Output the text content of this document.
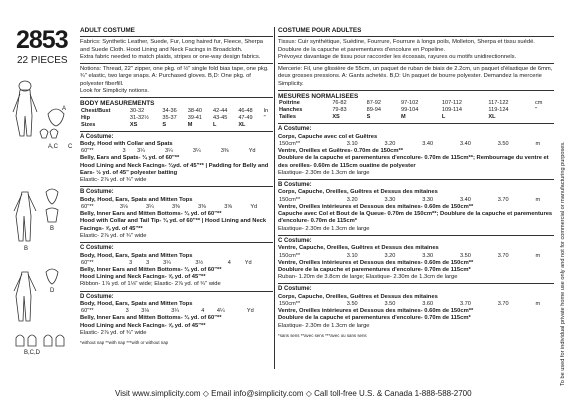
2853
22 PIECES
A
C
A,C
B
B
D
B,C,D
ADULT COSTUME
Fabrics: Synthetic Leather, Suede, Fur, Long haired fur, Fleece, Sherpa and Suede Cloth. Hood Lining and Neck Facings in Broadcloth.
Extra fabric needed to match plaids, stripes or one-way design fabrics.
Notions: Thread, 22" zipper, one pkg. of ½" single fold bias tape, one pkg. ¾" elastic, two large snaps. A: Purchased gloves. B,D: One pkg. of polyester fiberfill.
Look for Simplicity notions.
BODY MEASUREMENTS
Chest/Bust	30-32	34-36	38-40	42-44	46-48	In
Hip	31-32½	35-37	39-41	43-45	47-49	"
Sizes	XS	S	M	L	XL	
A Costume:
Body, Hood with Collar and Spats
60"**	3	3¼	3¼	3¼	3⅜	Yd
Belly, Ears and Spats- ¾ yd. of 60"**
Hood Lining and Neck Facings- ¾yd. of 45"** | Padding for Belly and Ears- ½ yd. of 45" polyester batting
Elastic- 2⅞ yd. of ¾" wide
B Costume:
Body, Hood, Ears, Spats and Mitten Tops
60"**	3⅛	3¼	3⅜	3⅜	3⅝	Yd
Belly, Inner Ears and Mitten Bottoms- ¾ yd. of 60"**
Hood with Collar and Tail Tip- ¾ yd. of 60"** | Hood Lining and Neck Facings- ⅝ yd. of 45"**
Elastic- 2⅞ yd. of ¾" wide
C Costume:
Body, Hood, Ears, Spats and Mitten Tops
60"**	3	3	3¼	3½	4	Yd
Belly, Inner Ears and Mitten Bottoms- ¾ yd. of 60"**
Hood Lining and Neck Facings- ⅝ yd. of 45"**
Ribbon- 1⅞ yd. of 1⅛" wide; Elastic- 2⅞ yd. of ¾" wide
D Costume:
Body, Hood, Ears, Spats and Mitten Tops
60"**	3	3⅛	3¼	4	4¼	Yd
Belly, Inner Ears and Mitten Bottoms- ¾ yd. of 60"**
Hood Lining and Neck Facings- ⅝ yd. of 45"**
Elastic- 2⅞ yd. of ¾" wide
*without nap **with nap ***with or without nap
COSTUME POUR ADULTES
Tissus: Cuir synthétique, Suédine, Fourrure, Fourrure à longs poils, Molleton, Sherpa et tissu suédé. Doublure de la capuche et parementures d'encolure en Popeline.
Prévoyez davantage de tissu pour raccorder les écossais, rayures ou motifs unidirectionnels.
Mercerie: Fil, une glissière de 55cm, un paquet de ruban de biais de 2.2cm, un paquet d'élastique de 6mm, deux grosses pressions. A: Gants achetés. B,D: Un paquet de bourre polyester. Demandez la mercerie Simplicity.
MESURES NORMALISEES
Poitrine	76-82	87-92	97-102	107-112	117-122	cm
Hanches	79-83	89-94	99-104	109-114	119-124	"
Tailles	XS	S	M	L	XL	
A Costume:
Corps, Capuche avec col et Guêtres
150cm**	3.10	3.20	3.40	3.40	3.50	m
Ventre, Oreilles et Guêtres- 0.70m de 150cm**
Doublure de la capuche et parementures d'encolure- 0.70m de 115cm**; Rembourrage du ventre et des oreilles- 0.60m de 115cm ouatine de polyester
Elastique- 2.30m de 1.3cm de large
B Costume:
Corps, Capuche, Oreilles, Guêtres et Dessus des mitaines
150cm**	3.20	3.30	3.30	3.40	3.70	m
Ventre, Oreilles intérieures et Dessous des mitaines- 0.60m de 150cm**
Capuche avec Col et Bout de la Queue- 0.70m de 150cm**; Doublure de la capuche et parementures d'encolure- 0.70m de 115cm*
Elastique- 2.30m de 1.3cm de large
C Costume:
Ventre, Capuche, Oreilles, Guêtres et Dessus des mitaines
150cm**	3.10	3.20	3.30	3.50	3.70	m
Ventre, Oreilles intérieures et Dessous des mitaines- 0.60m de 150cm**
Doublure de la capuche et parementures d'encolure- 0.70m de 115cm*
Ruban- 1.20m de 3.8cm de large; Elastique- 2.30m de 1.3cm de large
D Costume:
Corps, Capuche, Oreilles, Guêtres et Dessus des mitaines
150cm**	3.50	3.50	3.60	3.70	3.70	m
Ventre, Oreilles intérieures et Dessous des mitaines- 0.60m de 150cm**
Doublure de la capuche et parementures d'encolure- 0.70m de 115cm*
Elastique- 2.30m de 1.3cm de large
*sans sens **avec sens ***avec ou sans sens	To be used for individual private home use only and not for commercial or manufacturing purposes.
Visit www.simplicity.com ◇ Email info@simplicity.com ◇ Call toll-free U.S. & Canada 1-888-588-2700
